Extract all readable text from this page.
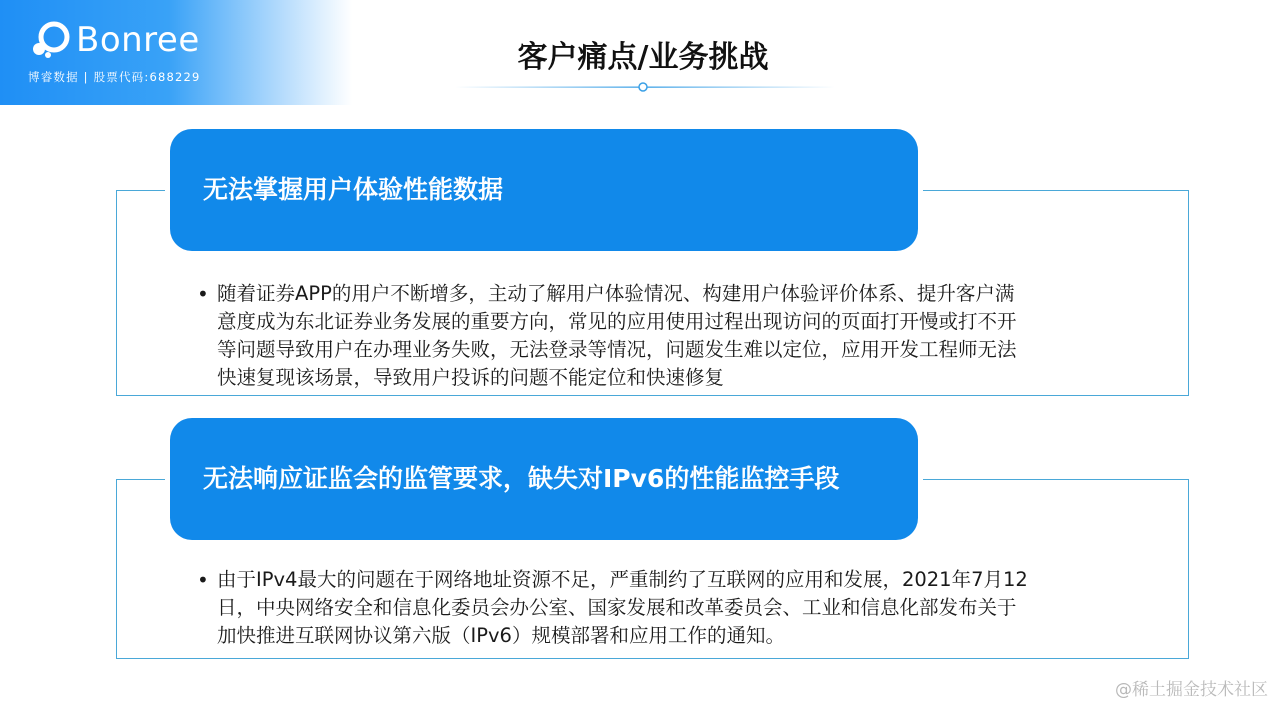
Bonree
博睿数据 | 股票代码:688229
客户痛点/业务挑战
无法掌握用户体验性能数据
• 随着证券APP的用户不断增多，主动了解用户体验情况、构建用户体验评价体系、提升客户满
意度成为东北证券业务发展的重要方向，常见的应用使用过程出现访问的页面打开慢或打不开
等问题导致用户在办理业务失败，无法登录等情况，问题发生难以定位，应用开发工程师无法
快速复现该场景，导致用户投诉的问题不能定位和快速修复
无法响应证监会的监管要求，缺失对IPv6的性能监控手段
• 由于IPv4最大的问题在于网络地址资源不足，严重制约了互联网的应用和发展，2021年7月12
日，中央网络安全和信息化委员会办公室、国家发展和改革委员会、工业和信息化部发布关于
加快推进互联网协议第六版（IPv6）规模部署和应用工作的通知。
@稀土掘金技术社区
